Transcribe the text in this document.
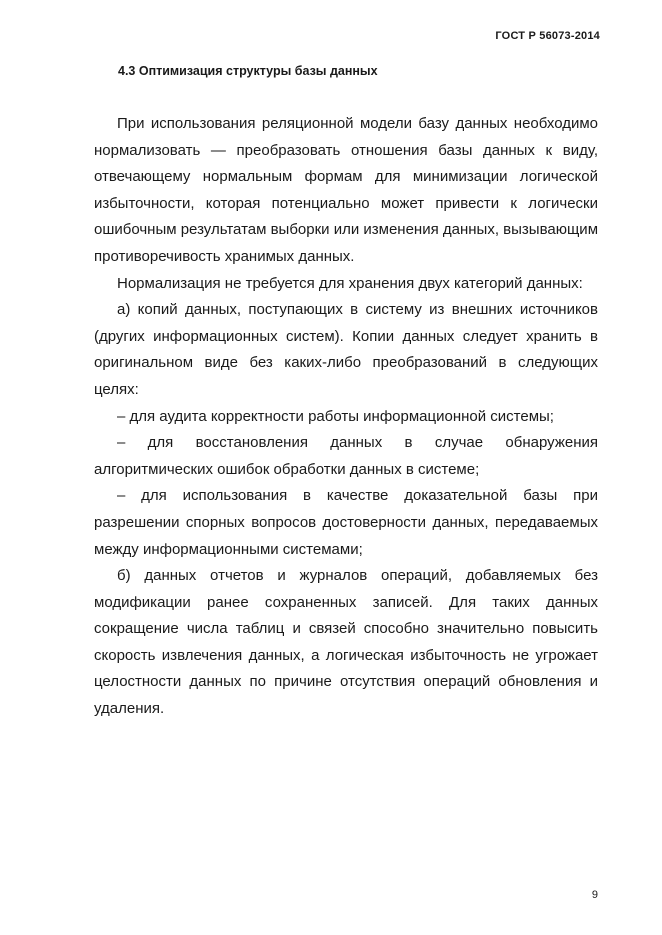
ГОСТ Р 56073-2014
4.3 Оптимизация структуры базы данных

При использования реляционной модели базу данных необходимо нормализовать — преобразовать отношения базы данных к виду, отвечающему нормальным формам для минимизации логической избыточности, которая потенциально может привести к логически ошибочным результатам выборки или изменения данных, вызывающим противоречивость хранимых данных.

Нормализация не требуется для хранения двух категорий данных:

а) копий данных, поступающих в систему из внешних источников (других информационных систем). Копии данных следует хранить в оригинальном виде без каких-либо преобразований в следующих целях:

– для аудита корректности работы информационной системы;

– для восстановления данных в случае обнаружения алгоритмических ошибок обработки данных в системе;

– для использования в качестве доказательной базы при разрешении спорных вопросов достоверности данных, передаваемых между информационными системами;

б) данных отчетов и журналов операций, добавляемых без модификации ранее сохраненных записей. Для таких данных сокращение числа таблиц и связей способно значительно повысить скорость извлечения данных, а логическая избыточность не угрожает целостности данных по причине отсутствия операций обновления и удаления.

9
